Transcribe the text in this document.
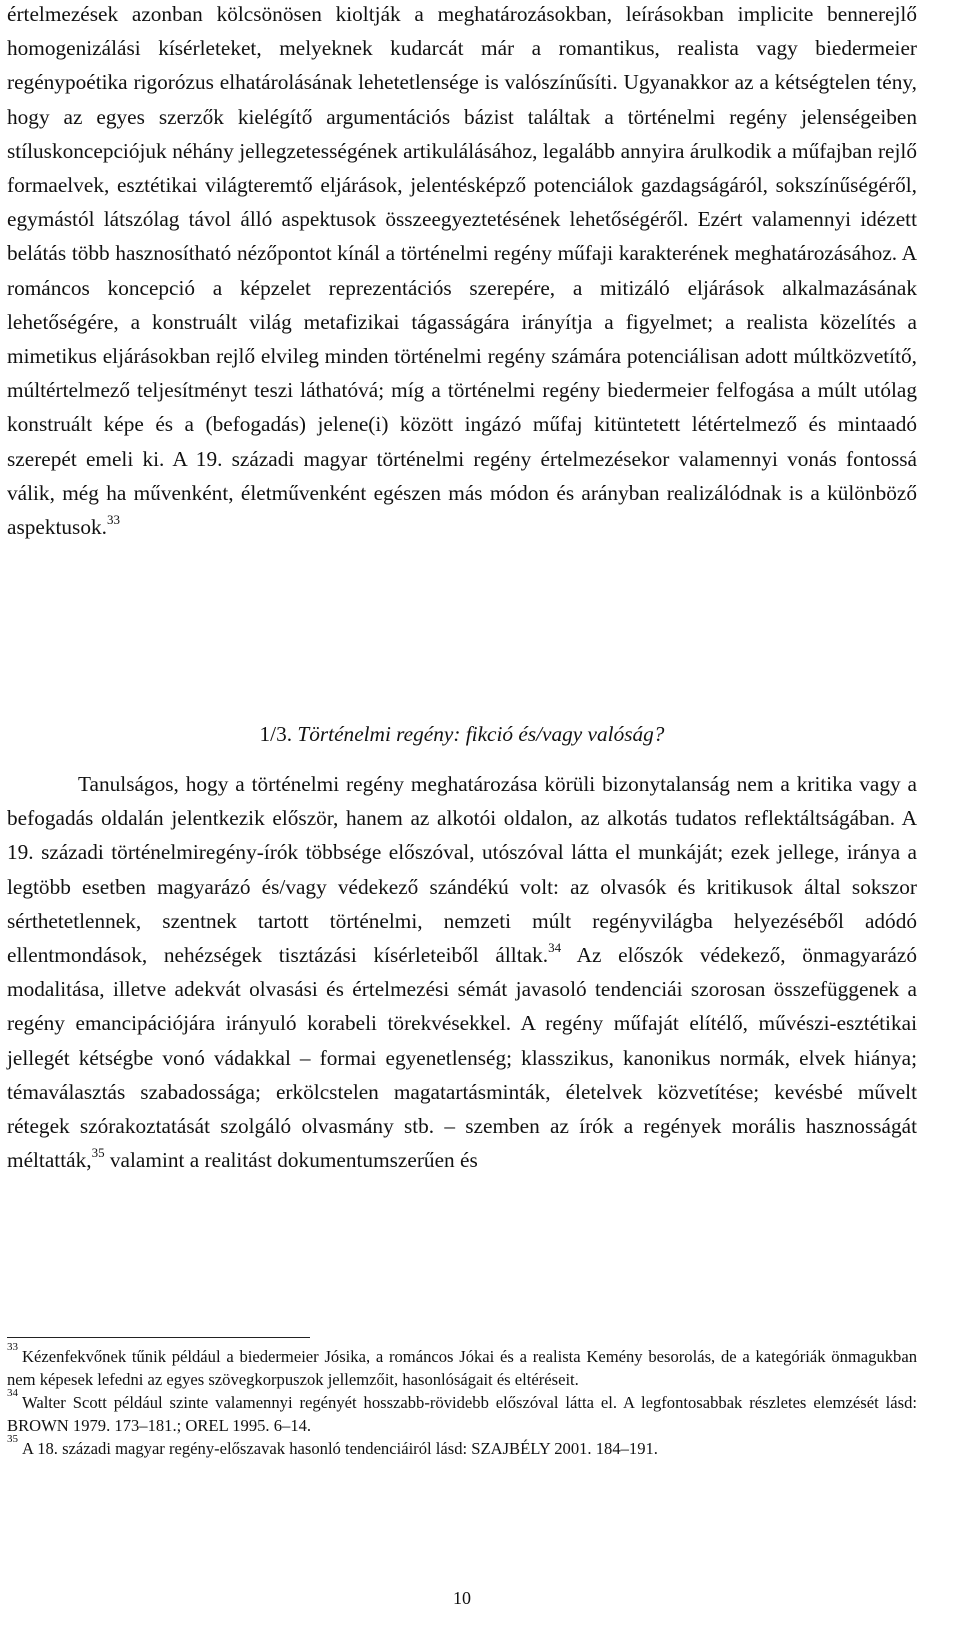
értelmezések azonban kölcsönösen kioltják a meghatározásokban, leírásokban implicite bennerejlő homogenizálási kísérleteket, melyeknek kudarcát már a romantikus, realista vagy biedermeier regénypoétika rigorózus elhatárolásának lehetetlensége is valószínűsíti. Ugyanakkor az a kétségtelen tény, hogy az egyes szerzők kielégítő argumentációs bázist találtak a történelmi regény jelenségeiben stíluskoncepciójuk néhány jellegzetességének artikulálásához, legalább annyira árulkodik a műfajban rejlő formaelvek, esztétikai világteremtő eljárások, jelentésképző potenciálok gazdagságáról, sokszínűségéről, egymástól látszólag távol álló aspektusok összeegyeztetésének lehetőségéről. Ezért valamennyi idézett belátás több hasznosítható nézőpontot kínál a történelmi regény műfaji karakterének meghatározásához. A románcos koncepció a képzelet reprezentációs szerepére, a mitizáló eljárások alkalmazásának lehetőségére, a konstruált világ metafizikai tágasságára irányítja a figyelmet; a realista közelítés a mimetikus eljárásokban rejlő elvileg minden történelmi regény számára potenciálisan adott múltközvetítő, múltértelmező teljesítményt teszi láthatóvá; míg a történelmi regény biedermeier felfogása a múlt utólag konstruált képe és a (befogadás) jelene(i) között ingázó műfaj kitüntetett létértelmező és mintaadó szerepét emeli ki. A 19. századi magyar történelmi regény értelmezésekor valamennyi vonás fontossá válik, még ha művenként, életművenként egészen más módon és arányban realizálódnak is a különböző aspektusok.$^{33}$

1/3. Történelmi regény: fikció és/vagy valóság?

Tanulságos, hogy a történelmi regény meghatározása körüli bizonytalanság nem a kritika vagy a befogadás oldalán jelentkezik először, hanem az alkotói oldalon, az alkotás tudatos reflektáltságában. A 19. századi történelmiregény-írók többsége előszóval, utószóval látta el munkáját; ezek jellege, iránya a legtöbb esetben magyarázó és/vagy védekező szándékú volt: az olvasók és kritikusok által sokszor sérthetetlennek, szentnek tartott történelmi, nemzeti múlt regényvilágba helyezéséből adódó ellentmondások, nehézségek tisztázási kísérleteiből álltak.$^{34}$ Az előszók védekező, önmagyarázó modalitása, illetve adekvát olvasási és értelmezési sémát javasoló tendenciái szorosan összefüggenek a regény emancipációjára irányuló korabeli törekvésekkel. A regény műfaját elítélő, művészi-esztétikai jellegét kétségbe vonó vádakkal – formai egyenetlenség; klasszikus, kanonikus normák, elvek hiánya; témaválasztás szabadossága; erkölcstelen magatartásminták, életelvek közvetítése; kevésbé művelt rétegek szórakoztatását szolgáló olvasmány stb. – szemben az írók a regények morális hasznosságát méltatták,$^{35}$ valamint a realitást dokumentumszerűen és

$^{33}$ Kézenfekvőnek tűnik például a biedermeier Jósika, a románcos Jókai és a realista Kemény besorolás, de a kategóriák önmagukban nem képesek lefedni az egyes szövegkorpuszok jellemzőit, hasonlóságait és eltéréseit.

$^{34}$ Walter Scott például szinte valamennyi regényét hosszabb-rövidebb előszóval látta el. A legfontosabbak részletes elemzését lásd: BROWN 1979. 173–181.; OREL 1995. 6–14.

$^{35}$ A 18. századi magyar regény-előszavak hasonló tendenciáiról lásd: SZAJBÉLY 2001. 184–191.

10
